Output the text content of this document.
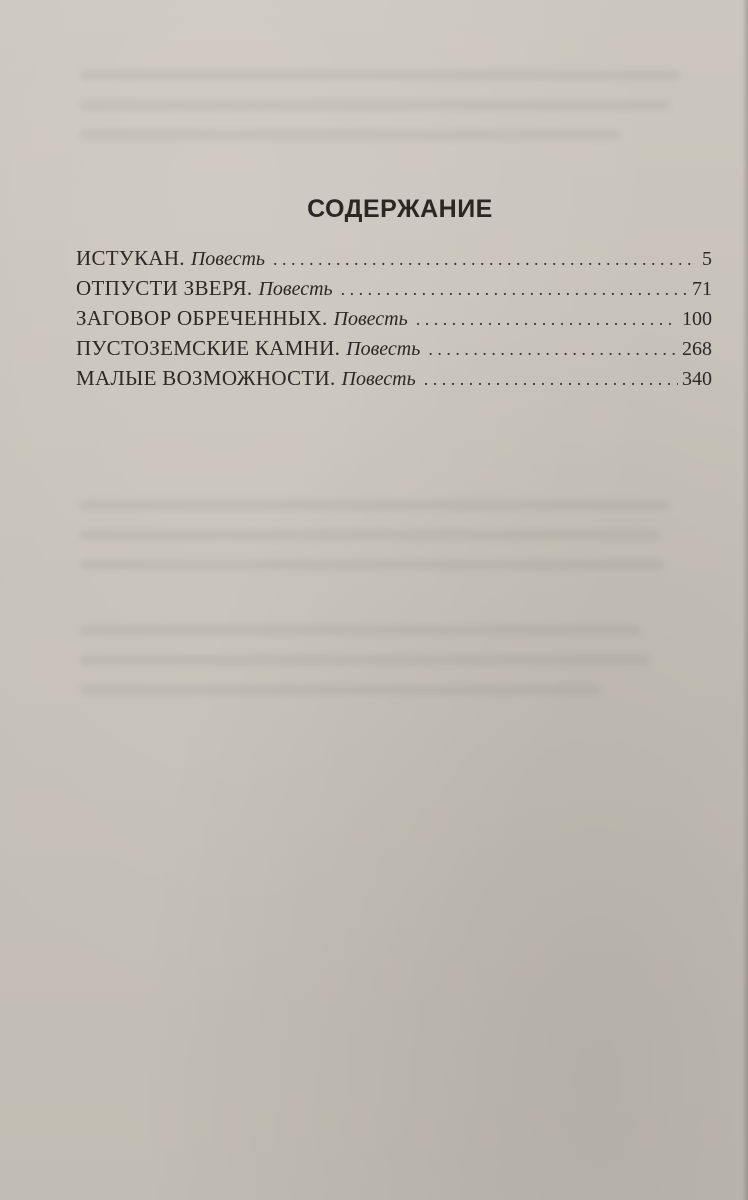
СОДЕРЖАНИЕ
ИСТУКАН. Повесть . . .	5
ОТПУСТИ ЗВЕРЯ. Повесть . . .	71
ЗАГОВОР ОБРЕЧЕННЫХ. Повесть . . .	100
ПУСТОЗЕМСКИЕ КАМНИ. Повесть . . .	268
МАЛЫЕ ВОЗМОЖНОСТИ. Повесть . . .	340
